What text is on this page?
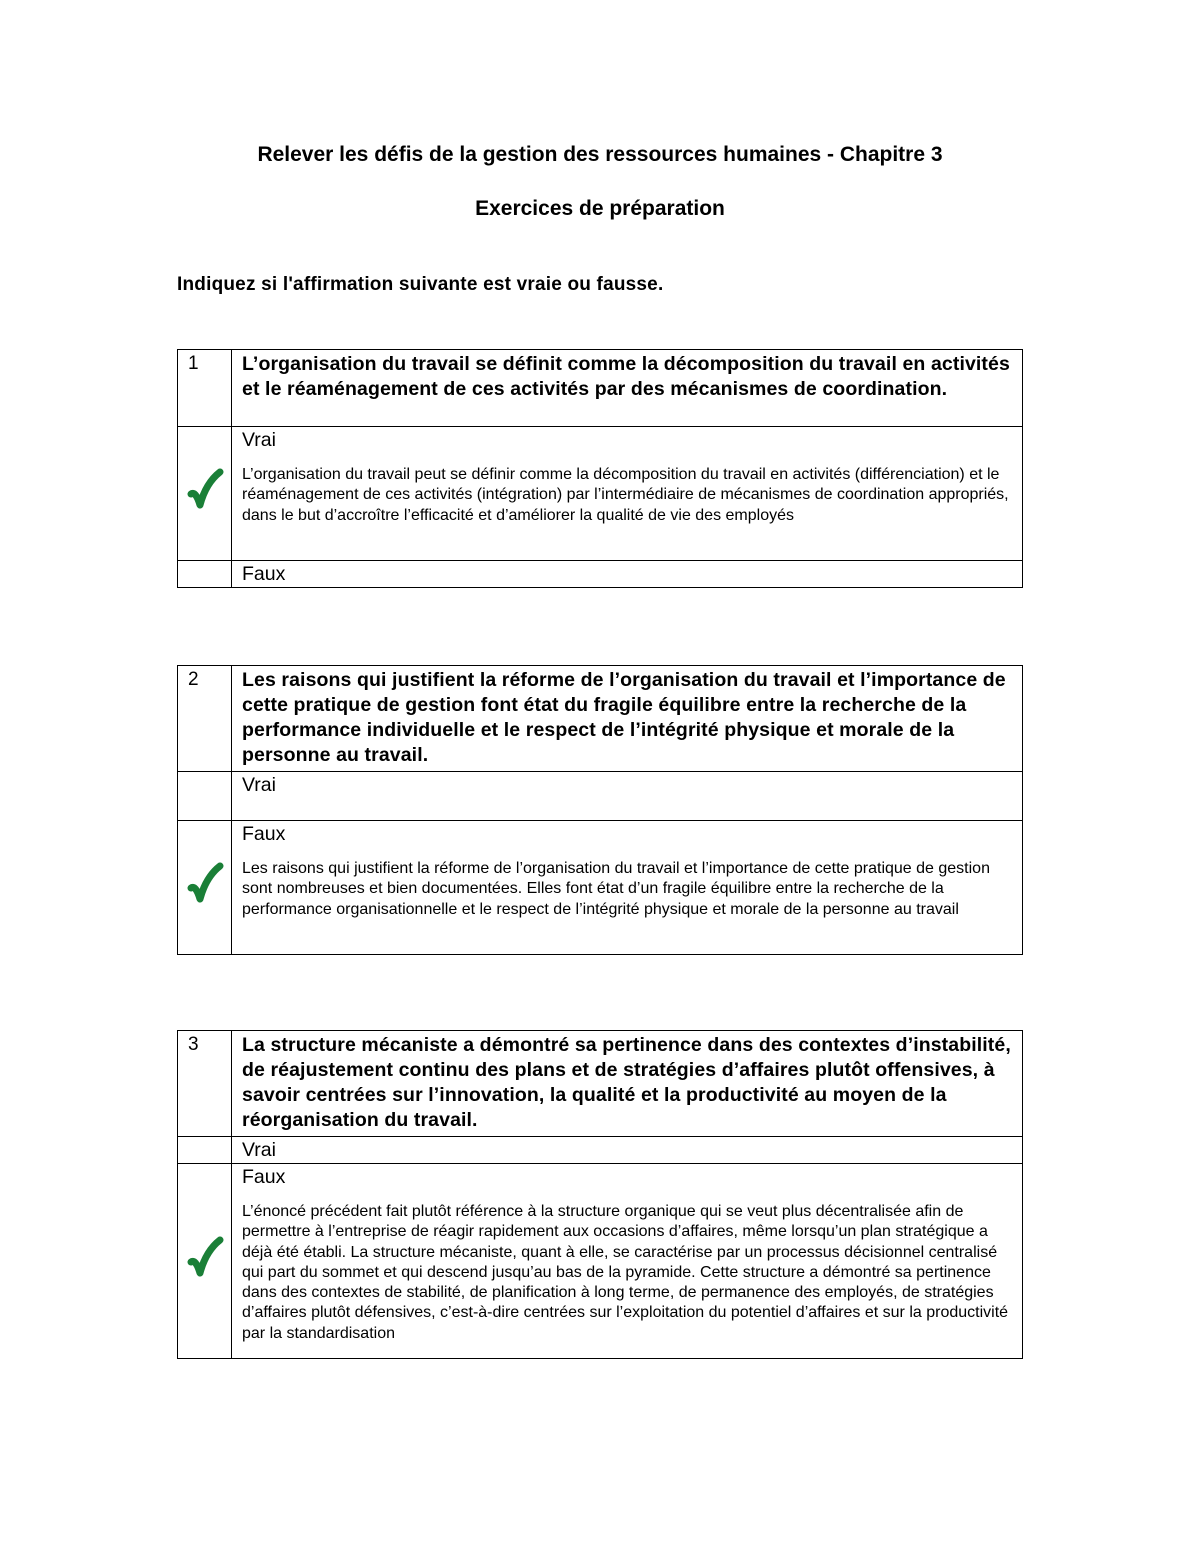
Relever les défis de la gestion des ressources humaines - Chapitre 3
Exercices de préparation

Indiquez si l'affirmation suivante est vraie ou fausse.

1	L’organisation du travail se définit comme la décomposition du travail en activités et le réaménagement de ces activités par des mécanismes de coordination.

Vrai
L’organisation du travail peut se définir comme la décomposition du travail en activités (différenciation) et le réaménagement de ces activités (intégration) par l’intermédiaire de mécanismes de coordination appropriés, dans le but d’accroître l’efficacité et d’améliorer la qualité de vie des employés

	Faux
2	Les raisons qui justifient la réforme de l’organisation du travail et l’importance de cette pratique de gestion font état du fragile équilibre entre la recherche de la performance individuelle et le respect de l’intégrité physique et morale de la personne au travail.

	Vrai

Faux
Les raisons qui justifient la réforme de l’organisation du travail et l’importance de cette pratique de gestion sont nombreuses et bien documentées. Elles font état d’un fragile équilibre entre la recherche de la performance organisationnelle et le respect de l’intégrité physique et morale de la personne au travail
3	La structure mécaniste a démontré sa pertinence dans des contextes d’instabilité, de réajustement continu des plans et de stratégies d’affaires plutôt offensives, à savoir centrées sur l’innovation, la qualité et la productivité au moyen de la réorganisation du travail.

	Vrai

Faux
L’énoncé précédent fait plutôt référence à la structure organique qui se veut plus décentralisée afin de permettre à l’entreprise de réagir rapidement aux occasions d’affaires, même lorsqu’un plan stratégique a déjà été établi. La structure mécaniste, quant à elle, se caractérise par un processus décisionnel centralisé qui part du sommet et qui descend jusqu’au bas de la pyramide. Cette structure a démontré sa pertinence dans des contextes de stabilité, de planification à long terme, de permanence des employés, de stratégies d’affaires plutôt défensives, c’est-à-dire centrées sur l’exploitation du potentiel d’affaires et sur la productivité par la standardisation
